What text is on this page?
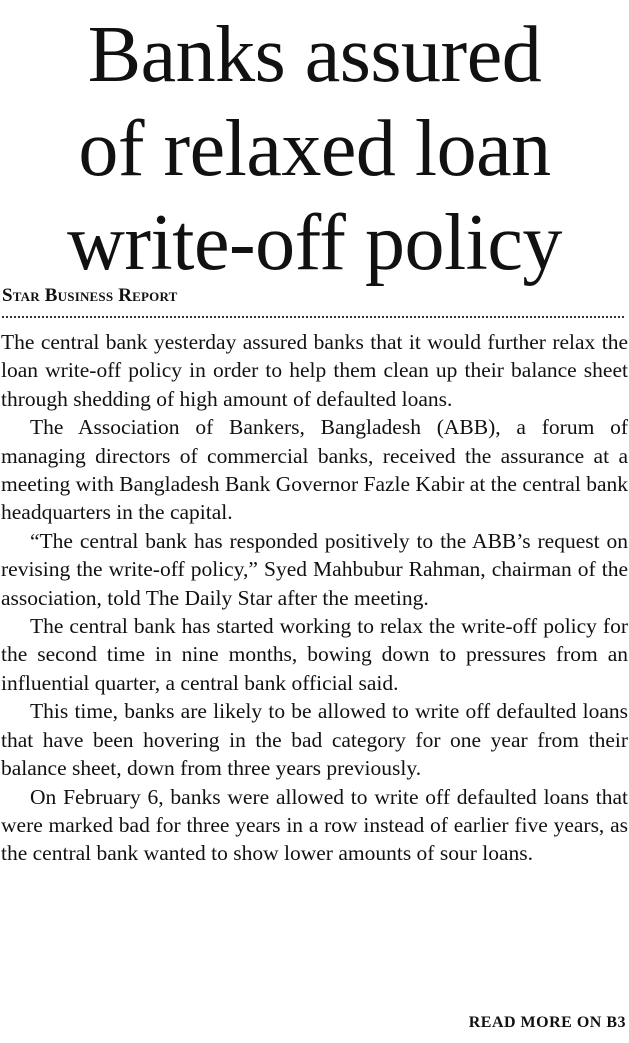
Banks assured
of relaxed loan
write-off policy
Star Business Report

The central bank yesterday assured banks that it would further relax the loan write-off policy in order to help them clean up their balance sheet through shedding of high amount of defaulted loans.

The Association of Bankers, Bangladesh (ABB), a forum of managing directors of commercial banks, received the assurance at a meeting with Bangladesh Bank Governor Fazle Kabir at the central bank headquarters in the capital.

“The central bank has responded positively to the ABB’s request on revising the write-off policy,” Syed Mahbubur Rahman, chairman of the association, told The Daily Star after the meeting.

The central bank has started working to relax the write-off policy for the second time in nine months, bowing down to pressures from an influential quarter, a central bank official said.

This time, banks are likely to be allowed to write off defaulted loans that have been hovering in the bad category for one year from their balance sheet, down from three years previously.

On February 6, banks were allowed to write off defaulted loans that were marked bad for three years in a row instead of earlier five years, as the central bank wanted to show lower amounts of sour loans.

READ MORE ON B3
